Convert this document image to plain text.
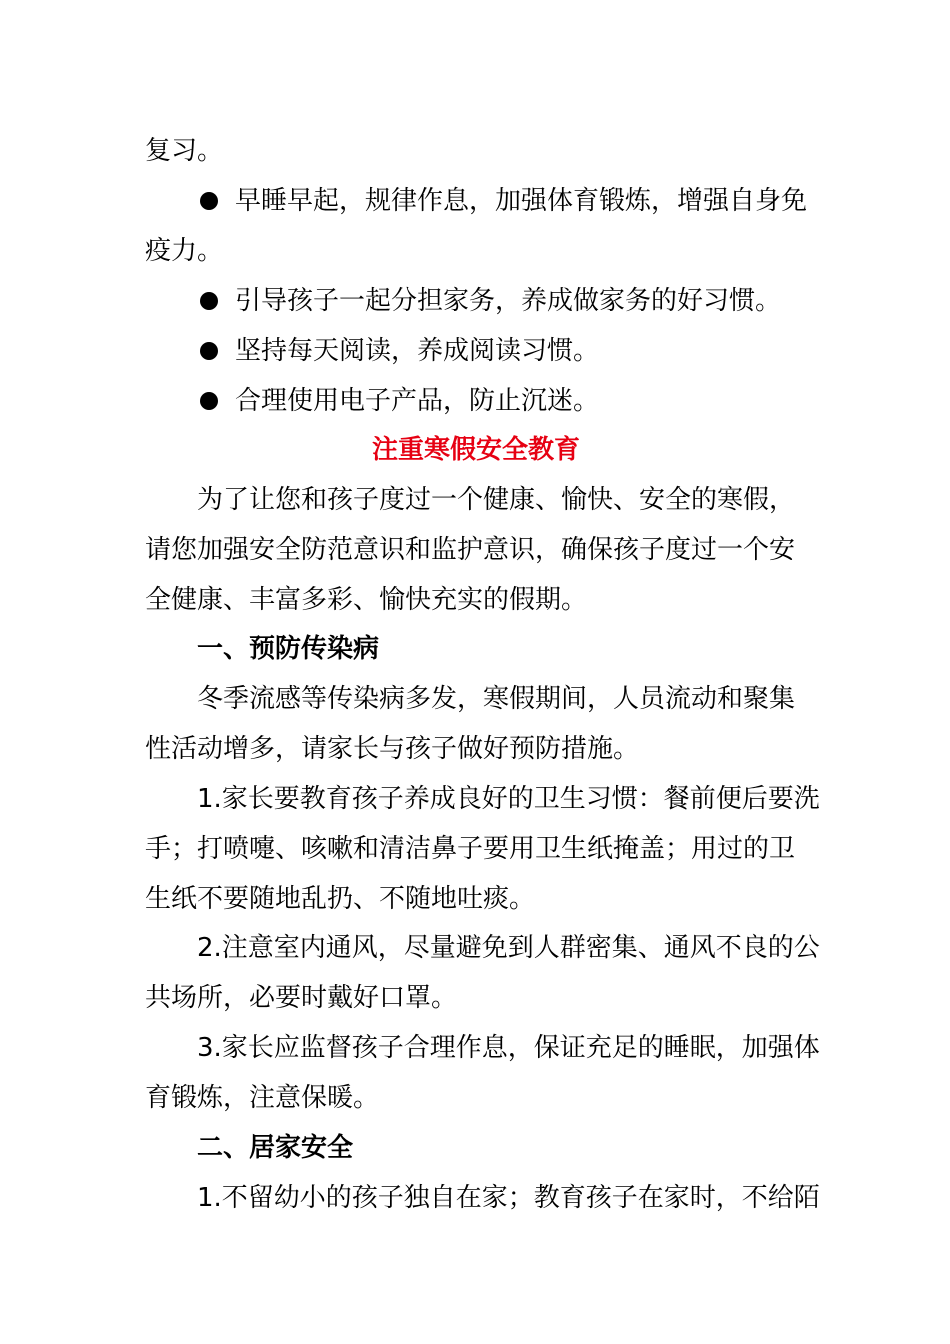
复习。
早睡早起，规律作息，加强体育锻炼，增强自身免
疫力。
引导孩子一起分担家务，养成做家务的好习惯。
坚持每天阅读，养成阅读习惯。
合理使用电子产品，防止沉迷。
注重寒假安全教育
为了让您和孩子度过一个健康、愉快、安全的寒假，
请您加强安全防范意识和监护意识，确保孩子度过一个安
全健康、丰富多彩、愉快充实的假期。
一、预防传染病
冬季流感等传染病多发，寒假期间，人员流动和聚集
性活动增多，请家长与孩子做好预防措施。
1.家长要教育孩子养成良好的卫生习惯：餐前便后要洗
手；打喷嚏、咳嗽和清洁鼻子要用卫生纸掩盖；用过的卫
生纸不要随地乱扔、不随地吐痰。
2.注意室内通风，尽量避免到人群密集、通风不良的公
共场所，必要时戴好口罩。
3.家长应监督孩子合理作息，保证充足的睡眠，加强体
育锻炼，注意保暖。
二、居家安全
1.不留幼小的孩子独自在家；教育孩子在家时，不给陌
